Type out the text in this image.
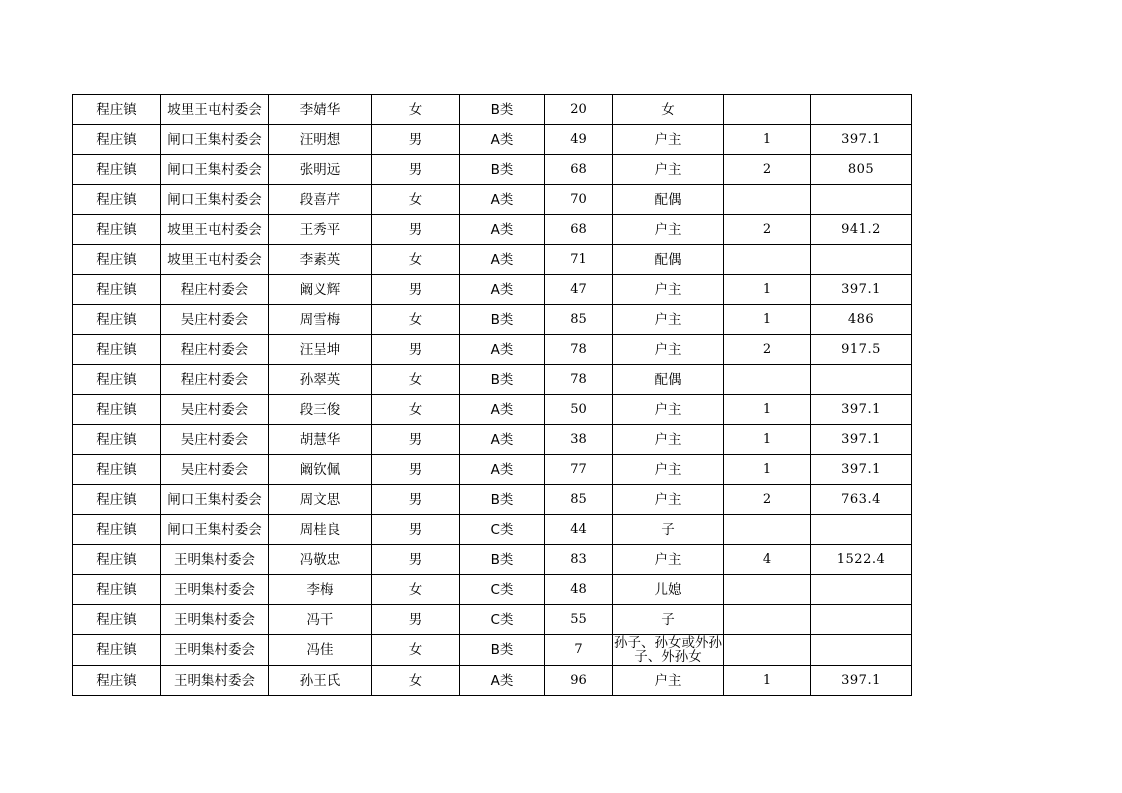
程庄镇	坡里王屯村委会	李婧华	女	B类	20	女		
程庄镇	闸口王集村委会	汪明想	男	A类	49	户主	1	397.1
程庄镇	闸口王集村委会	张明远	男	B类	68	户主	2	805
程庄镇	闸口王集村委会	段喜芹	女	A类	70	配偶		
程庄镇	坡里王屯村委会	王秀平	男	A类	68	户主	2	941.2
程庄镇	坡里王屯村委会	李素英	女	A类	71	配偶		
程庄镇	程庄村委会	阚义辉	男	A类	47	户主	1	397.1
程庄镇	吴庄村委会	周雪梅	女	B类	85	户主	1	486
程庄镇	程庄村委会	汪呈坤	男	A类	78	户主	2	917.5
程庄镇	程庄村委会	孙翠英	女	B类	78	配偶		
程庄镇	吴庄村委会	段三俊	女	A类	50	户主	1	397.1
程庄镇	吴庄村委会	胡慧华	男	A类	38	户主	1	397.1
程庄镇	吴庄村委会	阚钦佩	男	A类	77	户主	1	397.1
程庄镇	闸口王集村委会	周文思	男	B类	85	户主	2	763.4
程庄镇	闸口王集村委会	周桂良	男	C类	44	子		
程庄镇	王明集村委会	冯敬忠	男	B类	83	户主	4	1522.4
程庄镇	王明集村委会	李梅	女	C类	48	儿媳		
程庄镇	王明集村委会	冯干	男	C类	55	子		
程庄镇	王明集村委会	冯佳	女	B类	7	孙子、孙女或外孙子、外孙女		
程庄镇	王明集村委会	孙王氏	女	A类	96	户主	1	397.1
